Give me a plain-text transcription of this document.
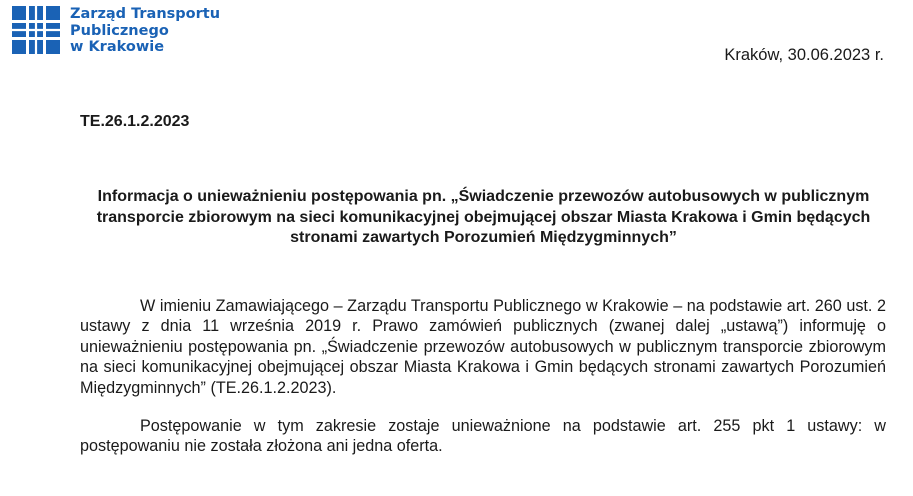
Zarząd Transportu
Publicznego
w Krakowie	Kraków, 30.06.2023 r.
TE.26.1.2.2023
Informacja o unieważnieniu postępowania pn. „Świadczenie przewozów autobusowych w publicznym transporcie zbiorowym na sieci komunikacyjnej obejmującej obszar Miasta Krakowa i Gmin będących stronami zawartych Porozumień Międzygminnych”
W imieniu Zamawiającego – Zarządu Transportu Publicznego w Krakowie – na podstawie art. 260 ust. 2 ustawy z dnia 11 września 2019 r. Prawo zamówień publicznych (zwanej dalej „ustawą”) informuję o unieważnieniu postępowania pn. „Świadczenie przewozów autobusowych w publicznym transporcie zbiorowym na sieci komunikacyjnej obejmującej obszar Miasta Krakowa i Gmin będących stronami zawartych Porozumień Międzygminnych” (TE.26.1.2.2023).
Postępowanie w tym zakresie zostaje unieważnione na podstawie art. 255 pkt 1 ustawy: w postępowaniu nie została złożona ani jedna oferta.
